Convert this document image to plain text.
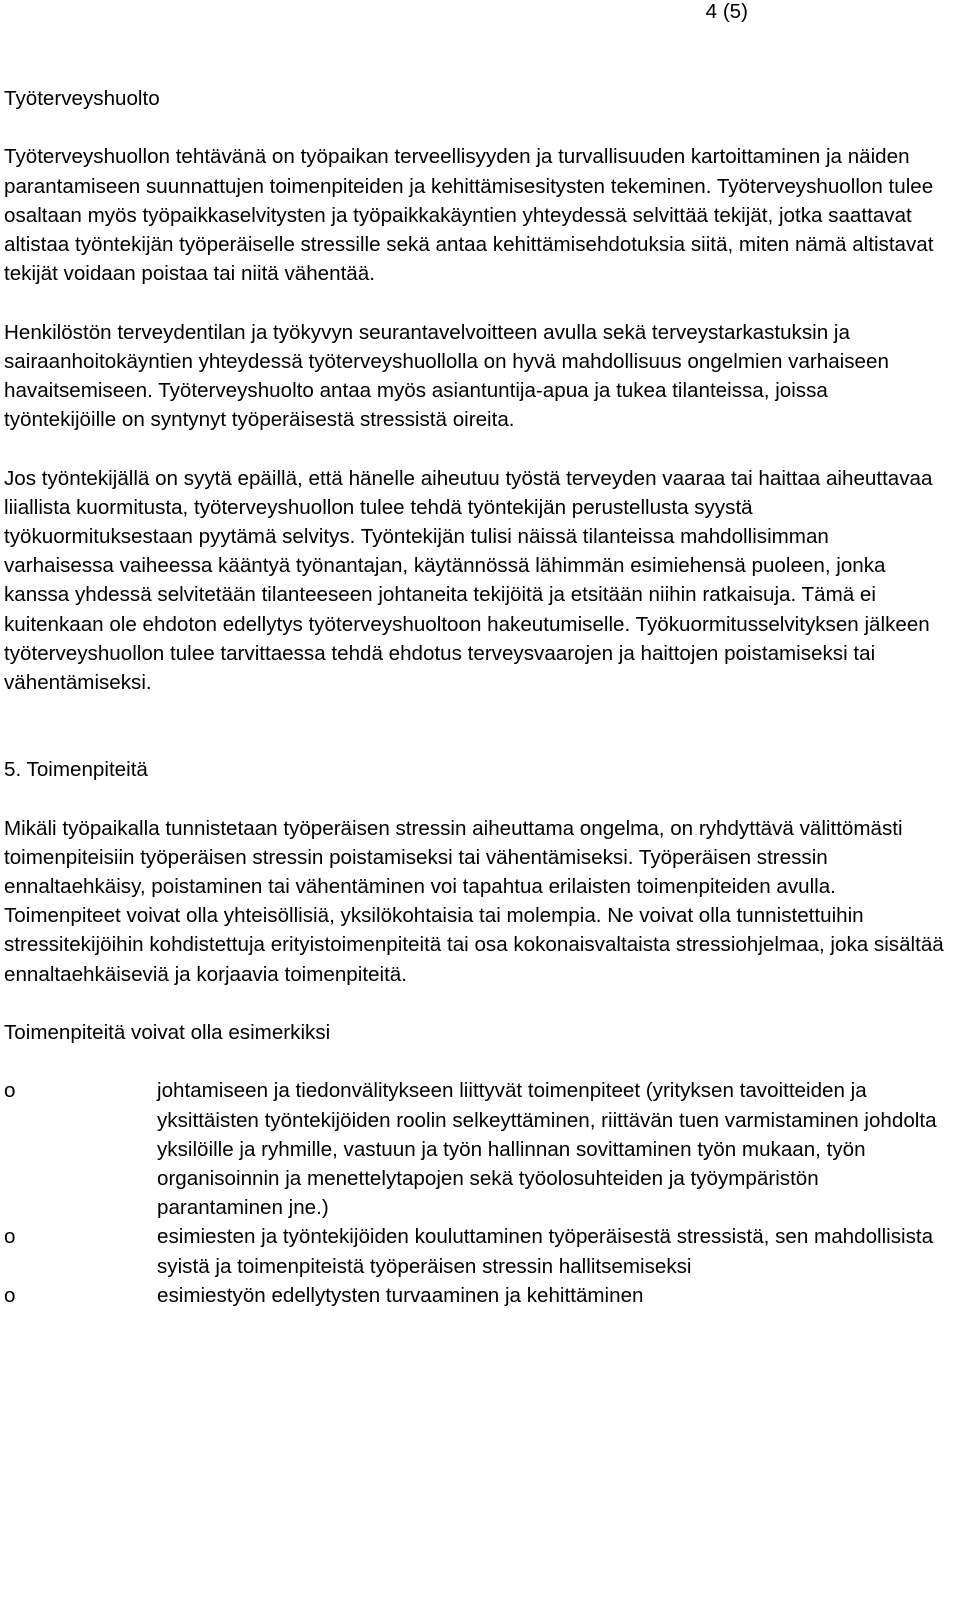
4 (5)

Työterveyshuolto

Työterveyshuollon tehtävänä on työpaikan terveellisyyden ja turvallisuuden kartoittaminen ja näiden parantamiseen suunnattujen toimenpiteiden ja kehittämisesitysten tekeminen. Työterveyshuollon tulee osaltaan myös työpaikkaselvitysten ja työpaikkakäyntien yhteydessä selvittää tekijät, jotka saattavat altistaa työntekijän työperäiselle stressille sekä antaa kehittämisehdotuksia siitä, miten nämä altistavat tekijät voidaan poistaa tai niitä vähentää.

Henkilöstön terveydentilan ja työkyvyn seurantavelvoitteen avulla sekä terveystarkastuksin ja sairaanhoitokäyntien yhteydessä työterveyshuollolla on hyvä mahdollisuus ongelmien varhaiseen havaitsemiseen. Työterveyshuolto antaa myös asiantuntija-apua ja tukea tilanteissa, joissa työntekijöille on syntynyt työperäisestä stressistä oireita.

Jos työntekijällä on syytä epäillä, että hänelle aiheutuu työstä terveyden vaaraa tai haittaa aiheuttavaa liiallista kuormitusta, työterveyshuollon tulee tehdä työntekijän perustellusta syystä työkuormituksestaan pyytämä selvitys. Työntekijän tulisi näissä tilanteissa mahdollisimman varhaisessa vaiheessa kääntyä työnantajan, käytännössä lähimmän esimiehensä puoleen, jonka kanssa yhdessä selvitetään tilanteeseen johtaneita tekijöitä ja etsitään niihin ratkaisuja. Tämä ei kuitenkaan ole ehdoton edellytys työterveyshuoltoon hakeutumiselle. Työkuormitusselvityksen jälkeen työterveyshuollon tulee tarvittaessa tehdä ehdotus terveysvaarojen ja haittojen poistamiseksi tai vähentämiseksi.

5. Toimenpiteitä

Mikäli työpaikalla tunnistetaan työperäisen stressin aiheuttama ongelma, on ryhdyttävä välittömästi toimenpiteisiin työperäisen stressin poistamiseksi tai vähentämiseksi. Työperäisen stressin ennaltaehkäisy, poistaminen tai vähentäminen voi tapahtua erilaisten toimenpiteiden avulla. Toimenpiteet voivat olla yhteisöllisiä, yksilökohtaisia tai molempia. Ne voivat olla tunnistettuihin stressitekijöihin kohdistettuja erityistoimenpiteitä tai osa kokonaisvaltaista stressiohjelmaa, joka sisältää ennaltaehkäiseviä ja korjaavia toimenpiteitä.

Toimenpiteitä voivat olla esimerkiksi

o	johtamiseen ja tiedonvälitykseen liittyvät toimenpiteet (yrityksen tavoitteiden ja yksittäisten työntekijöiden roolin selkeyttäminen, riittävän tuen varmistaminen johdolta yksilöille ja ryhmille, vastuun ja työn hallinnan sovittaminen työn mukaan, työn organisoinnin ja menettelytapojen sekä työolosuhteiden ja työympäristön parantaminen jne.)
o	esimiesten ja työntekijöiden kouluttaminen työperäisestä stressistä, sen mahdollisista syistä ja toimenpiteistä työperäisen stressin hallitsemiseksi
o	esimiestyön edellytysten turvaaminen ja kehittäminen
